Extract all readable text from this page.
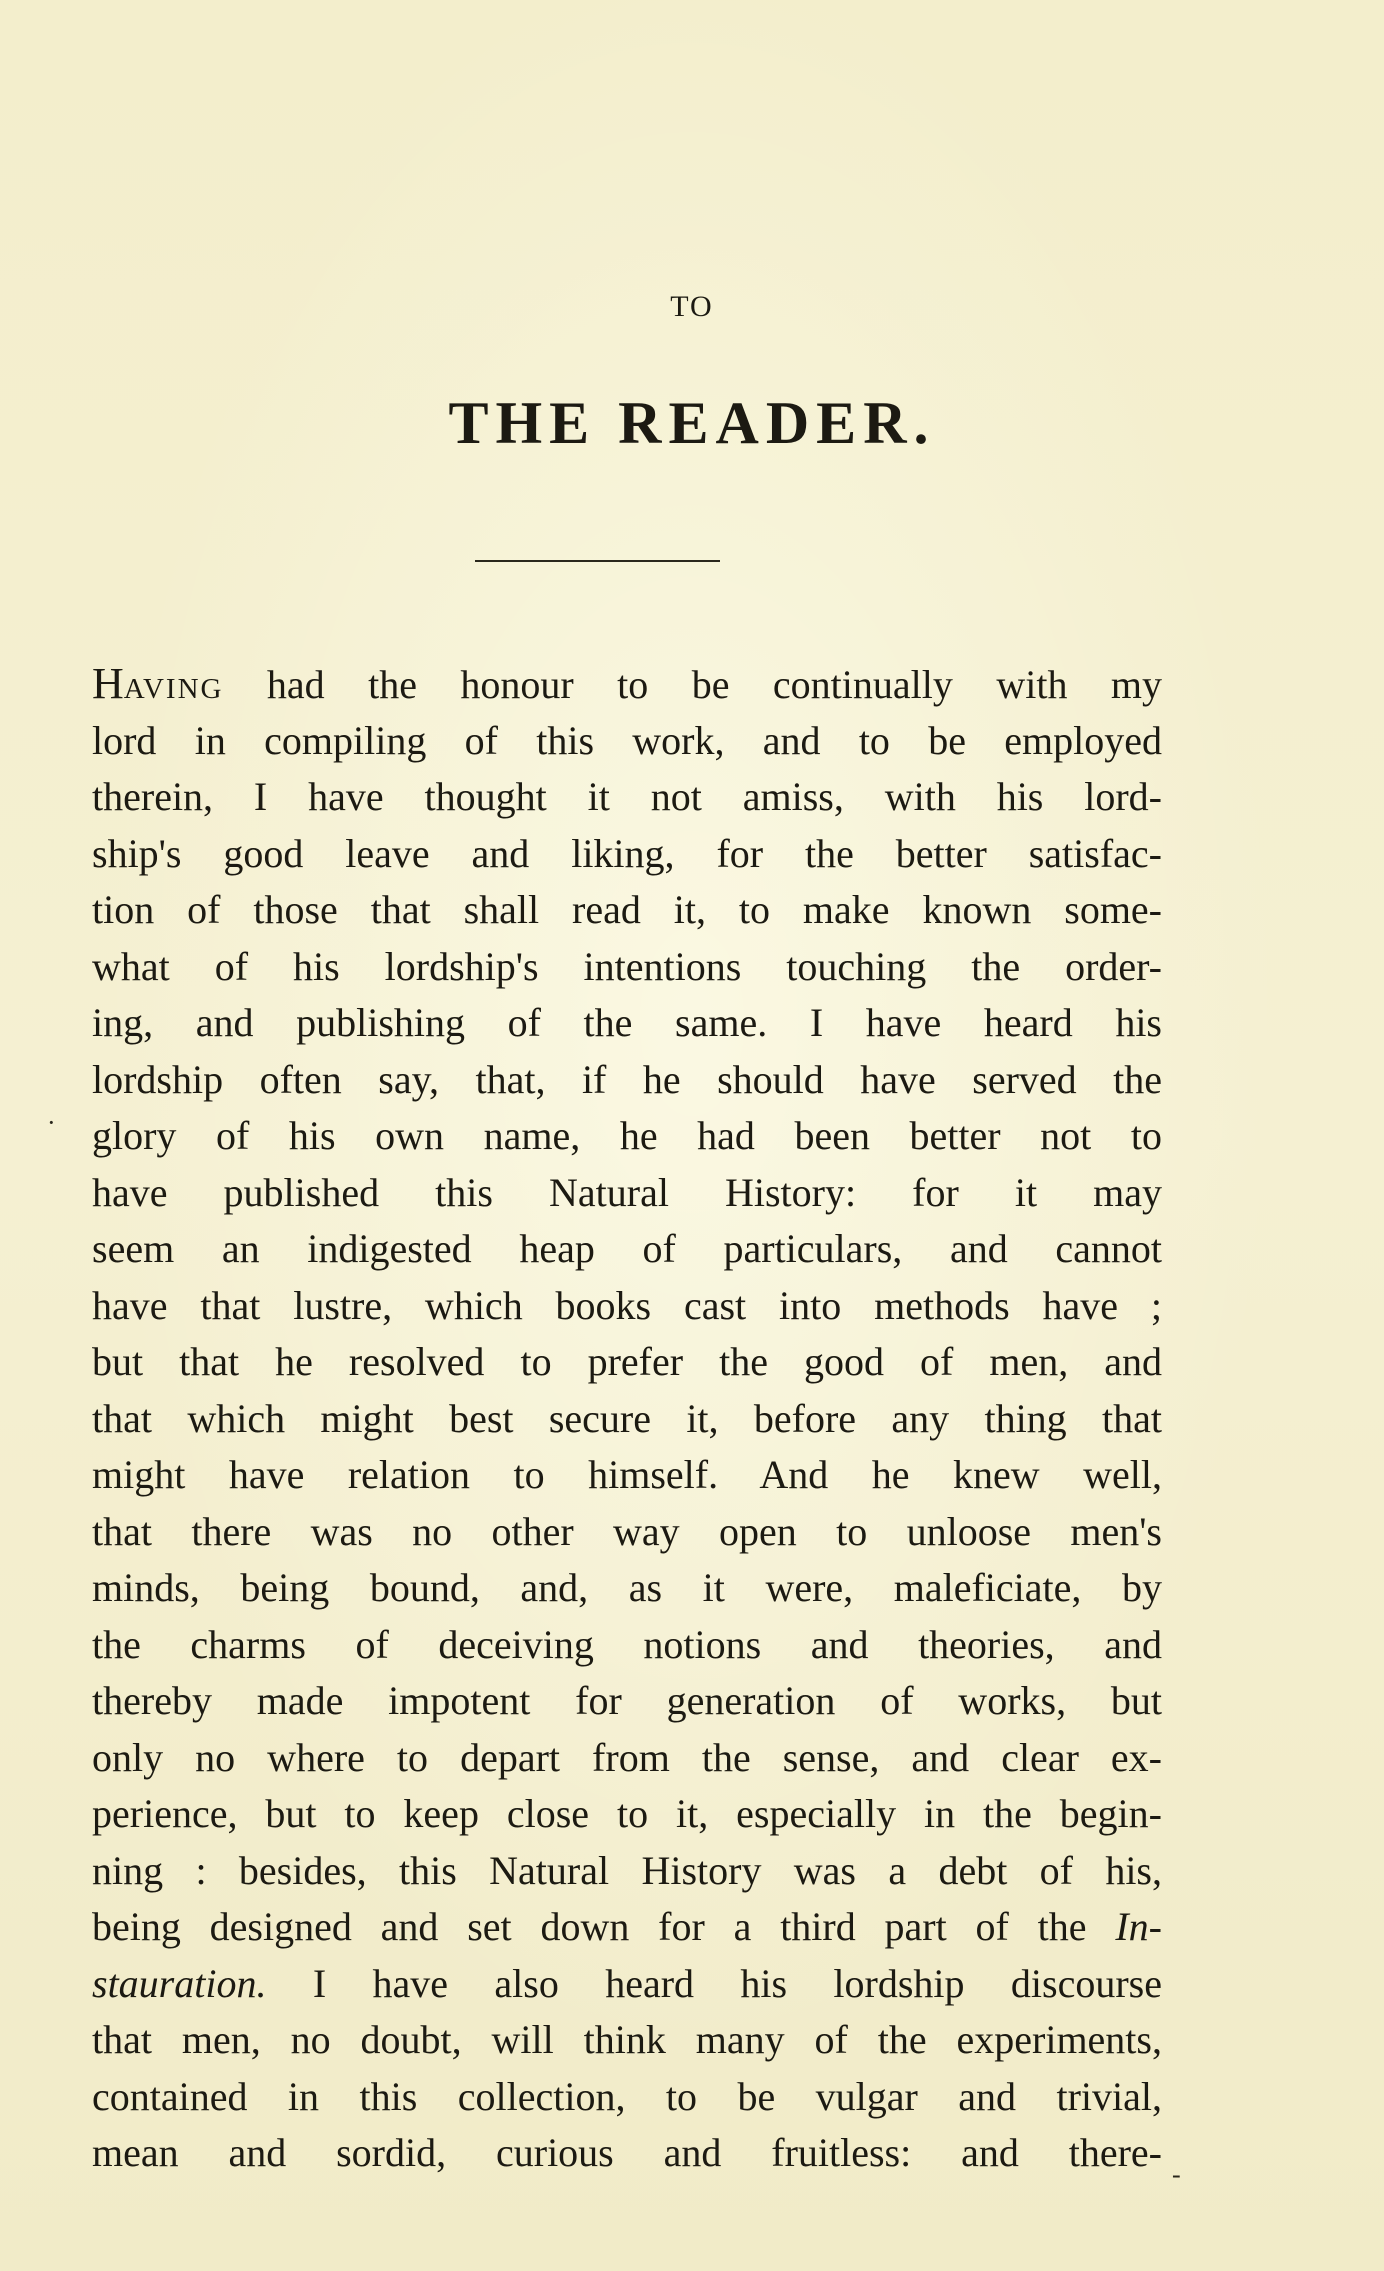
TO
THE READER.
HAVING had the honour to be continually with my
lord in compiling of this work, and to be employed
therein, I have thought it not amiss, with his lord-
ship's good leave and liking, for the better satisfac-
tion of those that shall read it, to make known some-
what of his lordship's intentions touching the order-
ing, and publishing of the same. I have heard his
lordship often say, that, if he should have served the
glory of his own name, he had been better not to
have published this Natural History: for it may
seem an indigested heap of particulars, and cannot
have that lustre, which books cast into methods have ;
but that he resolved to prefer the good of men, and
that which might best secure it, before any thing that
might have relation to himself. And he knew well,
that there was no other way open to unloose men's
minds, being bound, and, as it were, maleficiate, by
the charms of deceiving notions and theories, and
thereby made impotent for generation of works, but
only no where to depart from the sense, and clear ex-
perience, but to keep close to it, especially in the begin-
ning : besides, this Natural History was a debt of his,
being designed and set down for a third part of the In-
stauration. I have also heard his lordship discourse
that men, no doubt, will think many of the experiments,
contained in this collection, to be vulgar and trivial,
mean and sordid, curious and fruitless: and there-
·
-
